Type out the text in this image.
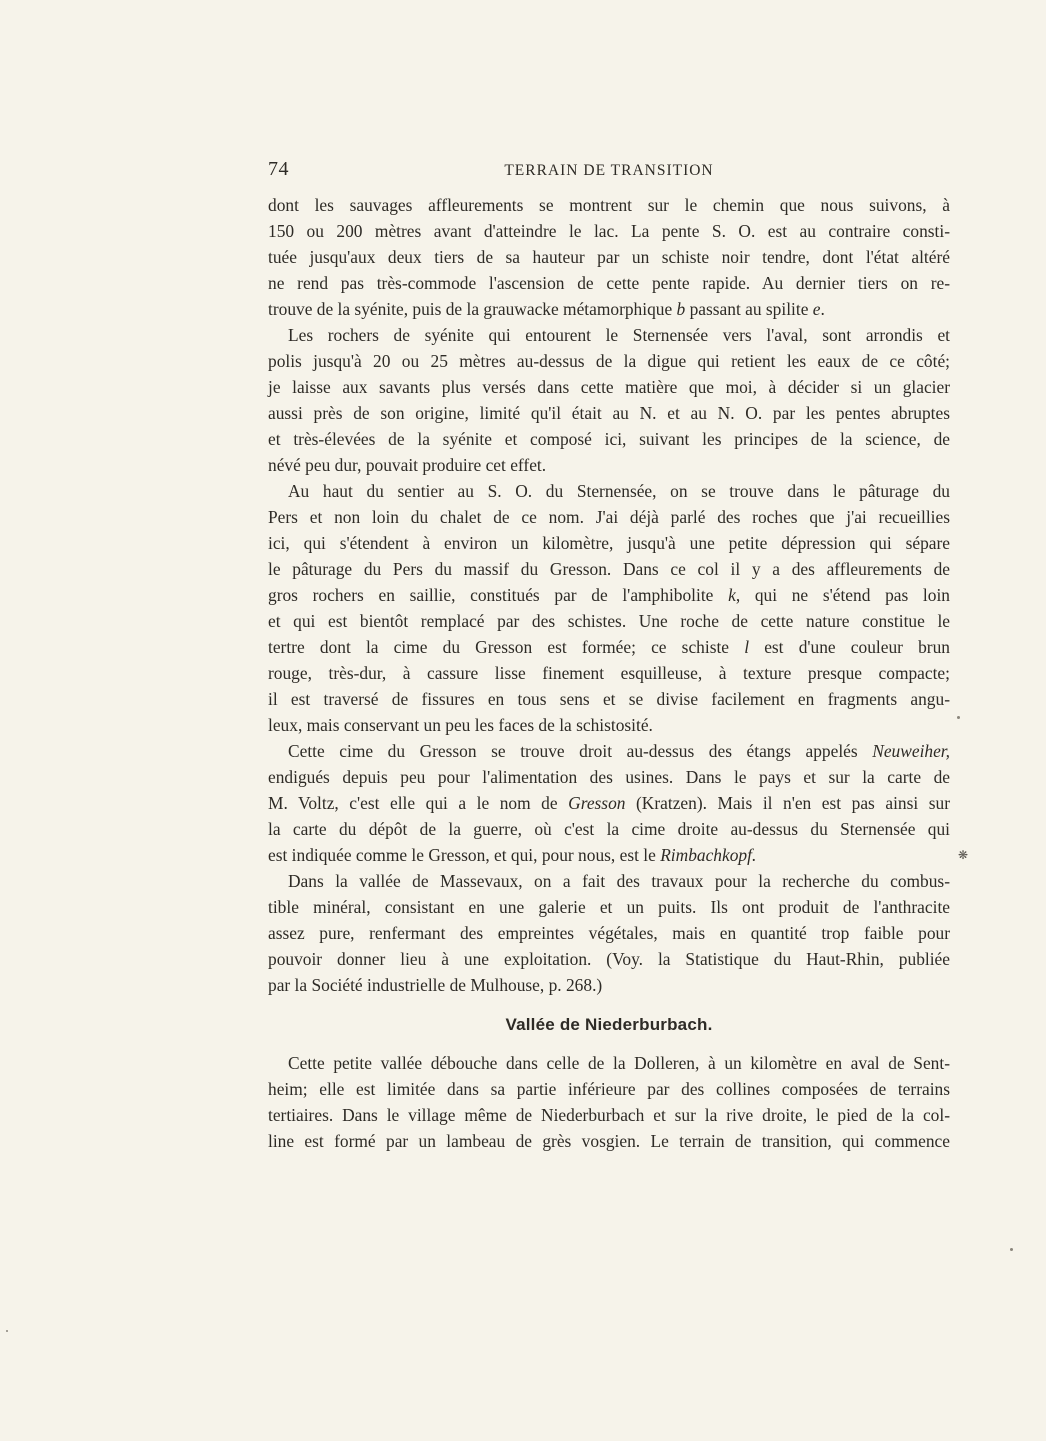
74	TERRAIN DE TRANSITION
dont les sauvages affleurements se montrent sur le chemin que nous suivons, à
150 ou 200 mètres avant d'atteindre le lac. La pente S. O. est au contraire consti-
tuée jusqu'aux deux tiers de sa hauteur par un schiste noir tendre, dont l'état altéré
ne rend pas très-commode l'ascension de cette pente rapide. Au dernier tiers on re-
trouve de la syénite, puis de la grauwacke métamorphique b passant au spilite e.
Les rochers de syénite qui entourent le Sternensée vers l'aval, sont arrondis et
polis jusqu'à 20 ou 25 mètres au-dessus de la digue qui retient les eaux de ce côté;
je laisse aux savants plus versés dans cette matière que moi, à décider si un glacier
aussi près de son origine, limité qu'il était au N. et au N. O. par les pentes abruptes
et très-élevées de la syénite et composé ici, suivant les principes de la science, de
névé peu dur, pouvait produire cet effet.
Au haut du sentier au S. O. du Sternensée, on se trouve dans le pâturage du
Pers et non loin du chalet de ce nom. J'ai déjà parlé des roches que j'ai recueillies
ici, qui s'étendent à environ un kilomètre, jusqu'à une petite dépression qui sépare
le pâturage du Pers du massif du Gresson. Dans ce col il y a des affleurements de
gros rochers en saillie, constitués par de l'amphibolite k, qui ne s'étend pas loin
et qui est bientôt remplacé par des schistes. Une roche de cette nature constitue le
tertre dont la cime du Gresson est formée; ce schiste l est d'une couleur brun
rouge, très-dur, à cassure lisse finement esquilleuse, à texture presque compacte;
il est traversé de fissures en tous sens et se divise facilement en fragments angu-
leux, mais conservant un peu les faces de la schistosité.
Cette cime du Gresson se trouve droit au-dessus des étangs appelés Neuweiher,
endigués depuis peu pour l'alimentation des usines. Dans le pays et sur la carte de
M. Voltz, c'est elle qui a le nom de Gresson (Kratzen). Mais il n'en est pas ainsi sur
la carte du dépôt de la guerre, où c'est la cime droite au-dessus du Sternensée qui
est indiquée comme le Gresson, et qui, pour nous, est le Rimbachkopf.
Dans la vallée de Massevaux, on a fait des travaux pour la recherche du combus-
tible minéral, consistant en une galerie et un puits. Ils ont produit de l'anthracite
assez pure, renfermant des empreintes végétales, mais en quantité trop faible pour
pouvoir donner lieu à une exploitation. (Voy. la Statistique du Haut-Rhin, publiée
par la Société industrielle de Mulhouse, p. 268.)
Vallée de Niederburbach.
Cette petite vallée débouche dans celle de la Dolleren, à un kilomètre en aval de Sent-
heim; elle est limitée dans sa partie inférieure par des collines composées de terrains
tertiaires. Dans le village même de Niederburbach et sur la rive droite, le pied de la col-
line est formé par un lambeau de grès vosgien. Le terrain de transition, qui commence
❋
